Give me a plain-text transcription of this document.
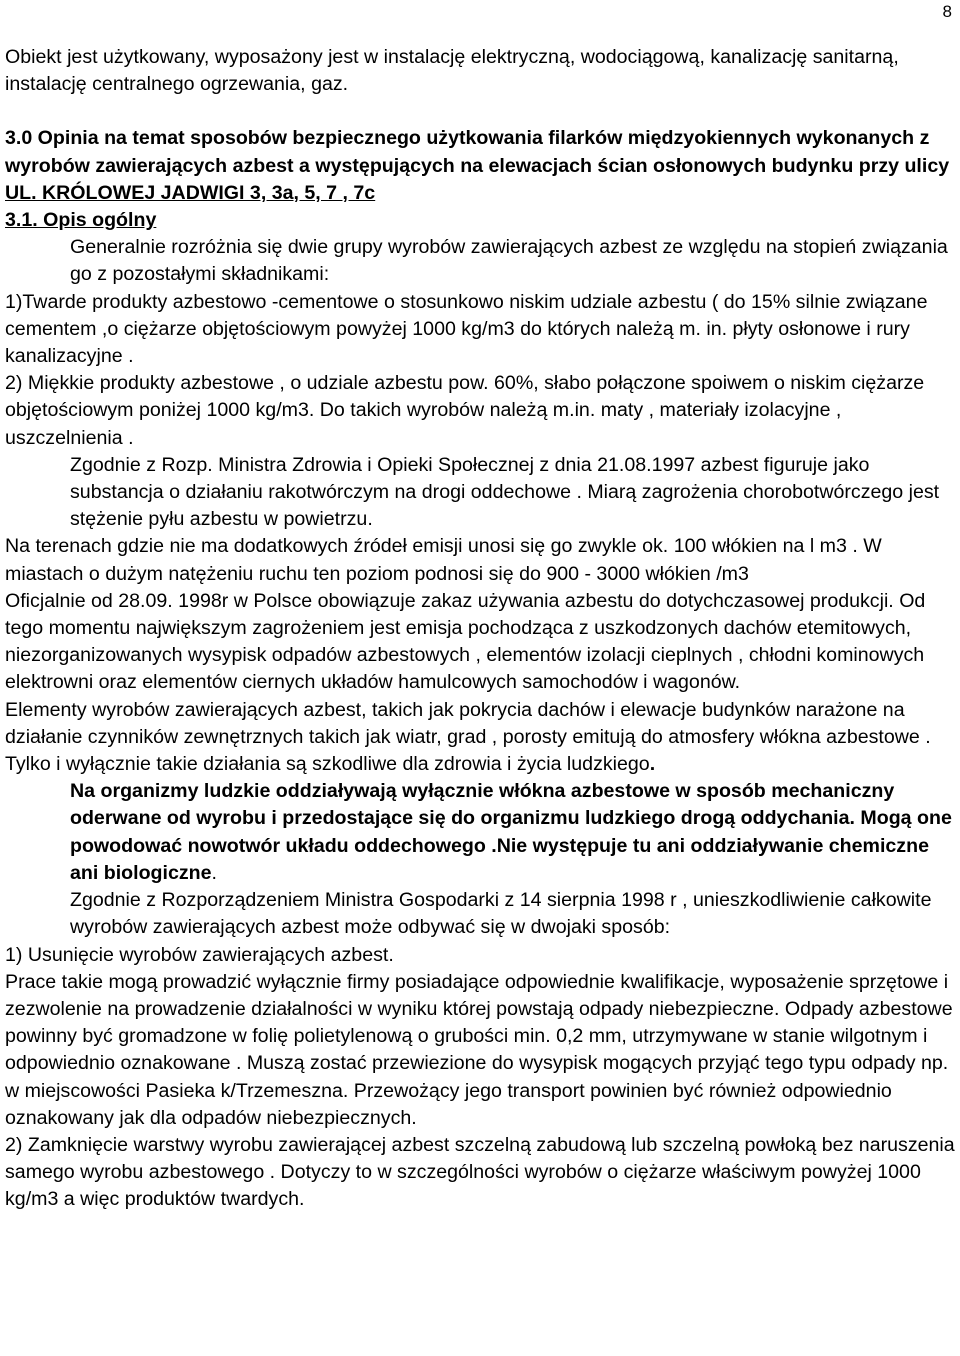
8

Obiekt jest użytkowany, wyposażony jest w instalację elektryczną, wodociągową, kanalizację sanitarną, instalację centralnego ogrzewania, gaz.

3.0 Opinia na temat sposobów bezpiecznego użytkowania filarków międzyokiennych wykonanych z wyrobów zawierających azbest a występujących na elewacjach ścian osłonowych budynku przy ulicy  UL. KRÓLOWEJ JADWIGI 3, 3a, 5, 7 , 7c

3.1. Opis ogólny

Generalnie rozróżnia się dwie grupy wyrobów zawierających azbest ze względu na stopień związania go z pozostałymi składnikami:

1)Twarde produkty azbestowo -cementowe o stosunkowo niskim udziale azbestu ( do 15% silnie związane cementem ,o ciężarze objętościowym powyżej 1000 kg/m3 do których należą m. in. płyty osłonowe i rury kanalizacyjne .

2) Miękkie produkty azbestowe , o udziale azbestu pow. 60%, słabo połączone spoiwem o niskim ciężarze objętościowym poniżej 1000 kg/m3. Do takich wyrobów należą m.in. maty , materiały izolacyjne , uszczelnienia .

Zgodnie z Rozp. Ministra Zdrowia i Opieki Społecznej z dnia 21.08.1997 azbest figuruje jako substancja o działaniu rakotwórczym na drogi oddechowe . Miarą zagrożenia chorobotwórczego jest stężenie pyłu azbestu w powietrzu.

Na terenach gdzie nie ma dodatkowych źródeł emisji unosi się go zwykle ok. 100 włókien na l m3 . W miastach o dużym natężeniu ruchu ten poziom podnosi się do 900 - 3000 włókien /m3

Oficjalnie od 28.09. 1998r w Polsce obowiązuje zakaz używania azbestu do dotychczasowej produkcji. Od tego momentu największym zagrożeniem jest emisja pochodząca z uszkodzonych dachów etemitowych, niezorganizowanych wysypisk odpadów azbestowych , elementów izolacji cieplnych , chłodni kominowych elektrowni oraz elementów ciernych układów hamulcowych samochodów i wagonów.

Elementy wyrobów zawierających azbest, takich jak pokrycia dachów i elewacje budynków narażone na działanie czynników zewnętrznych takich jak wiatr, grad , porosty emitują do atmosfery włókna azbestowe . Tylko i wyłącznie takie działania są szkodliwe dla zdrowia i życia ludzkiego.

Na organizmy ludzkie oddziaływają wyłącznie włókna azbestowe w sposób mechaniczny oderwane od wyrobu i przedostające się do organizmu ludzkiego drogą oddychania. Mogą one powodować nowotwór układu oddechowego .Nie występuje tu ani oddziaływanie chemiczne ani biologiczne.

Zgodnie z Rozporządzeniem Ministra Gospodarki z 14 sierpnia 1998 r , unieszkodliwienie całkowite wyrobów zawierających azbest może odbywać się w dwojaki sposób:

1) Usunięcie wyrobów zawierających azbest.

Prace takie mogą prowadzić wyłącznie firmy posiadające odpowiednie kwalifikacje, wyposażenie sprzętowe i zezwolenie na prowadzenie działalności w wyniku której powstają odpady niebezpieczne. Odpady azbestowe powinny być gromadzone w folię polietylenową o grubości min. 0,2 mm, utrzymywane w stanie wilgotnym i odpowiednio oznakowane . Muszą zostać przewiezione do wysypisk mogących przyjąć tego typu odpady np. w miejscowości Pasieka k/Trzemeszna. Przewożący jego transport powinien być również odpowiednio oznakowany jak dla odpadów niebezpiecznych.

2) Zamknięcie warstwy wyrobu zawierającej azbest szczelną zabudową lub szczelną powłoką bez naruszenia samego wyrobu azbestowego . Dotyczy to w szczególności wyrobów o ciężarze właściwym powyżej 1000 kg/m3 a więc produktów twardych.
